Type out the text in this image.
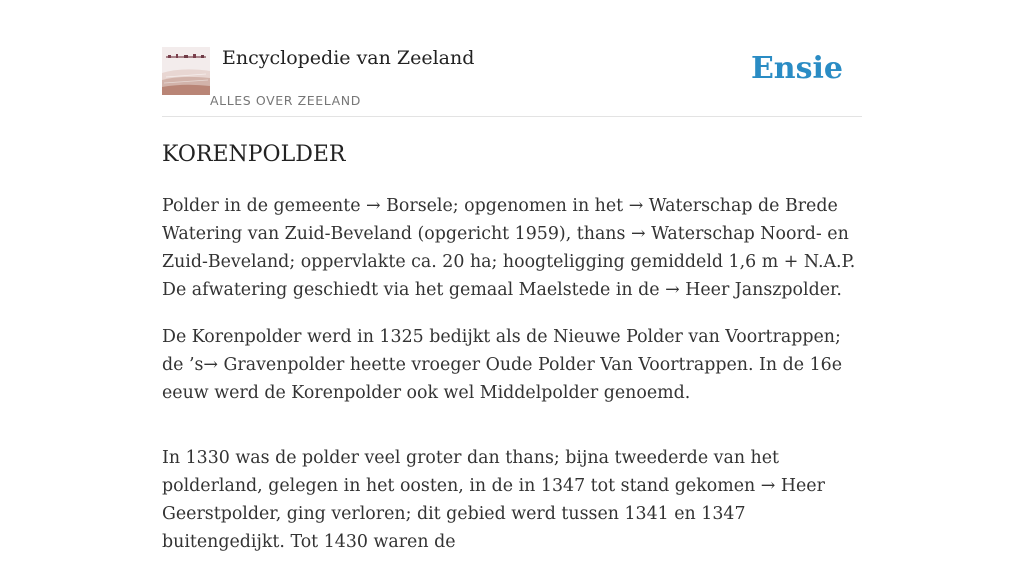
Encyclopedie van Zeeland
ALLES OVER ZEELAND
Ensie
KORENPOLDER

Polder in de gemeente → Borsele; opgenomen in het → Waterschap de Brede Watering van Zuid-Beveland (opgericht 1959), thans → Waterschap Noord- en Zuid-Beveland; oppervlakte ca. 20 ha; hoogteligging gemiddeld 1,6 m + N.A.P. De afwatering geschiedt via het gemaal Maelstede in de → Heer Janszpolder.

De Korenpolder werd in 1325 bedijkt als de Nieuwe Polder van Voortrappen; de ’s→ Gravenpolder heette vroeger Oude Polder Van Voortrappen. In de 16e eeuw werd de Korenpolder ook wel Middelpolder genoemd.

In 1330 was de polder veel groter dan thans; bijna tweederde van het polderland, gelegen in het oosten, in de in 1347 tot stand gekomen → Heer Geerstpolder, ging verloren; dit gebied werd tussen 1341 en 1347 buitengedijkt. Tot 1430 waren de
